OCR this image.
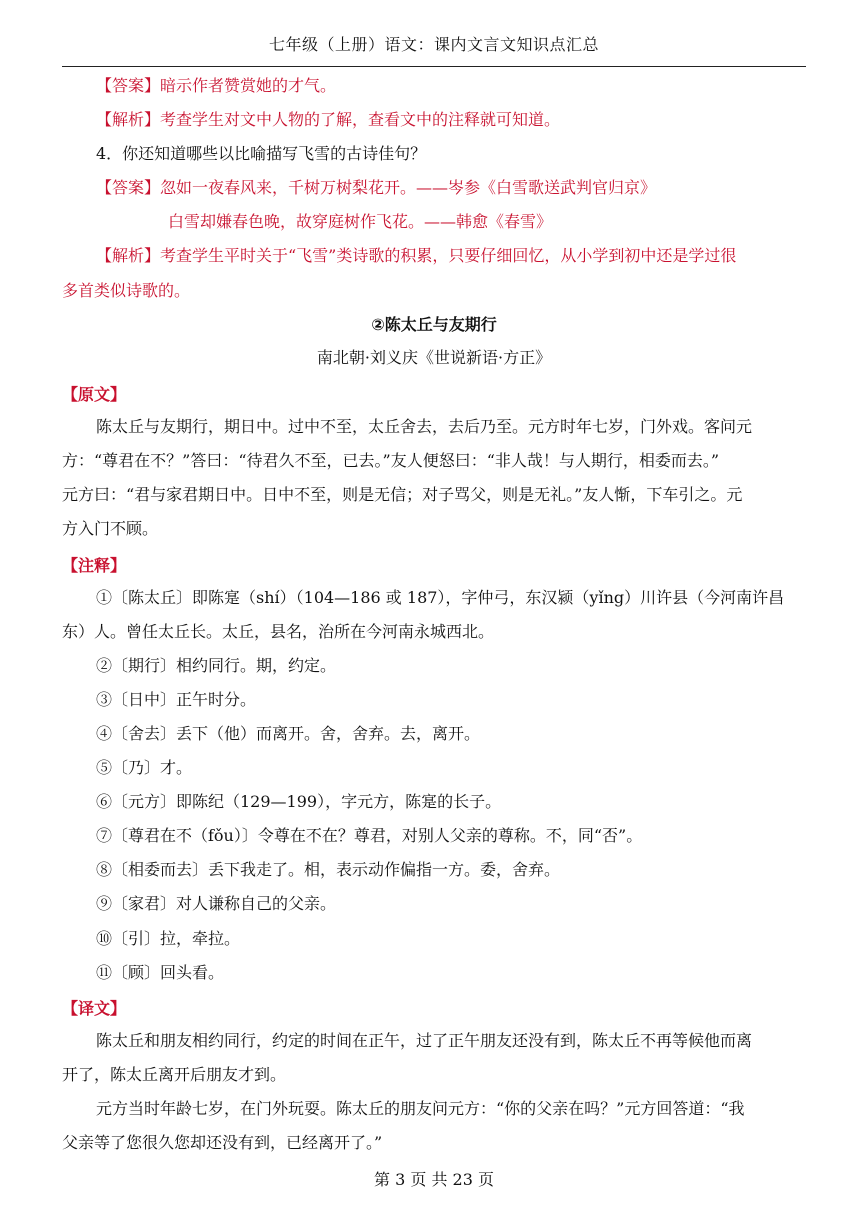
七年级（上册）语文：课内文言文知识点汇总
【答案】暗示作者赞赏她的才气。
【解析】考查学生对文中人物的了解，查看文中的注释就可知道。
4．你还知道哪些以比喻描写飞雪的古诗佳句？
【答案】忽如一夜春风来，千树万树梨花开。——岑参《白雪歌送武判官归京》
白雪却嫌春色晚，故穿庭树作飞花。——韩愈《春雪》
【解析】考查学生平时关于“飞雪”类诗歌的积累，只要仔细回忆，从小学到初中还是学过很
多首类似诗歌的。
②陈太丘与友期行
南北朝·刘义庆《世说新语·方正》
【原文】
陈太丘与友期行，期日中。过中不至，太丘舍去，去后乃至。元方时年七岁，门外戏。客问元
方：“尊君在不？”答曰：“待君久不至，已去。”友人便怒曰：“非人哉！与人期行，相委而去。”
元方曰：“君与家君期日中。日中不至，则是无信；对子骂父，则是无礼。”友人惭，下车引之。元
方入门不顾。
【注释】
①〔陈太丘〕即陈寔（shí）（104—186 或 187），字仲弓，东汉颍（yǐng）川许县（今河南许昌
东）人。曾任太丘长。太丘，县名，治所在今河南永城西北。
②〔期行〕相约同行。期，约定。
③〔日中〕正午时分。
④〔舍去〕丢下（他）而离开。舍，舍弃。去，离开。
⑤〔乃〕才。
⑥〔元方〕即陈纪（129—199），字元方，陈寔的长子。
⑦〔尊君在不（fǒu）〕令尊在不在？尊君，对别人父亲的尊称。不，同“否”。
⑧〔相委而去〕丢下我走了。相，表示动作偏指一方。委，舍弃。
⑨〔家君〕对人谦称自己的父亲。
⑩〔引〕拉，牵拉。
⑪〔顾〕回头看。
【译文】
陈太丘和朋友相约同行，约定的时间在正午，过了正午朋友还没有到，陈太丘不再等候他而离
开了，陈太丘离开后朋友才到。
元方当时年龄七岁，在门外玩耍。陈太丘的朋友问元方：“你的父亲在吗？”元方回答道：“我
父亲等了您很久您却还没有到，已经离开了。”
第 3 页 共 23 页
